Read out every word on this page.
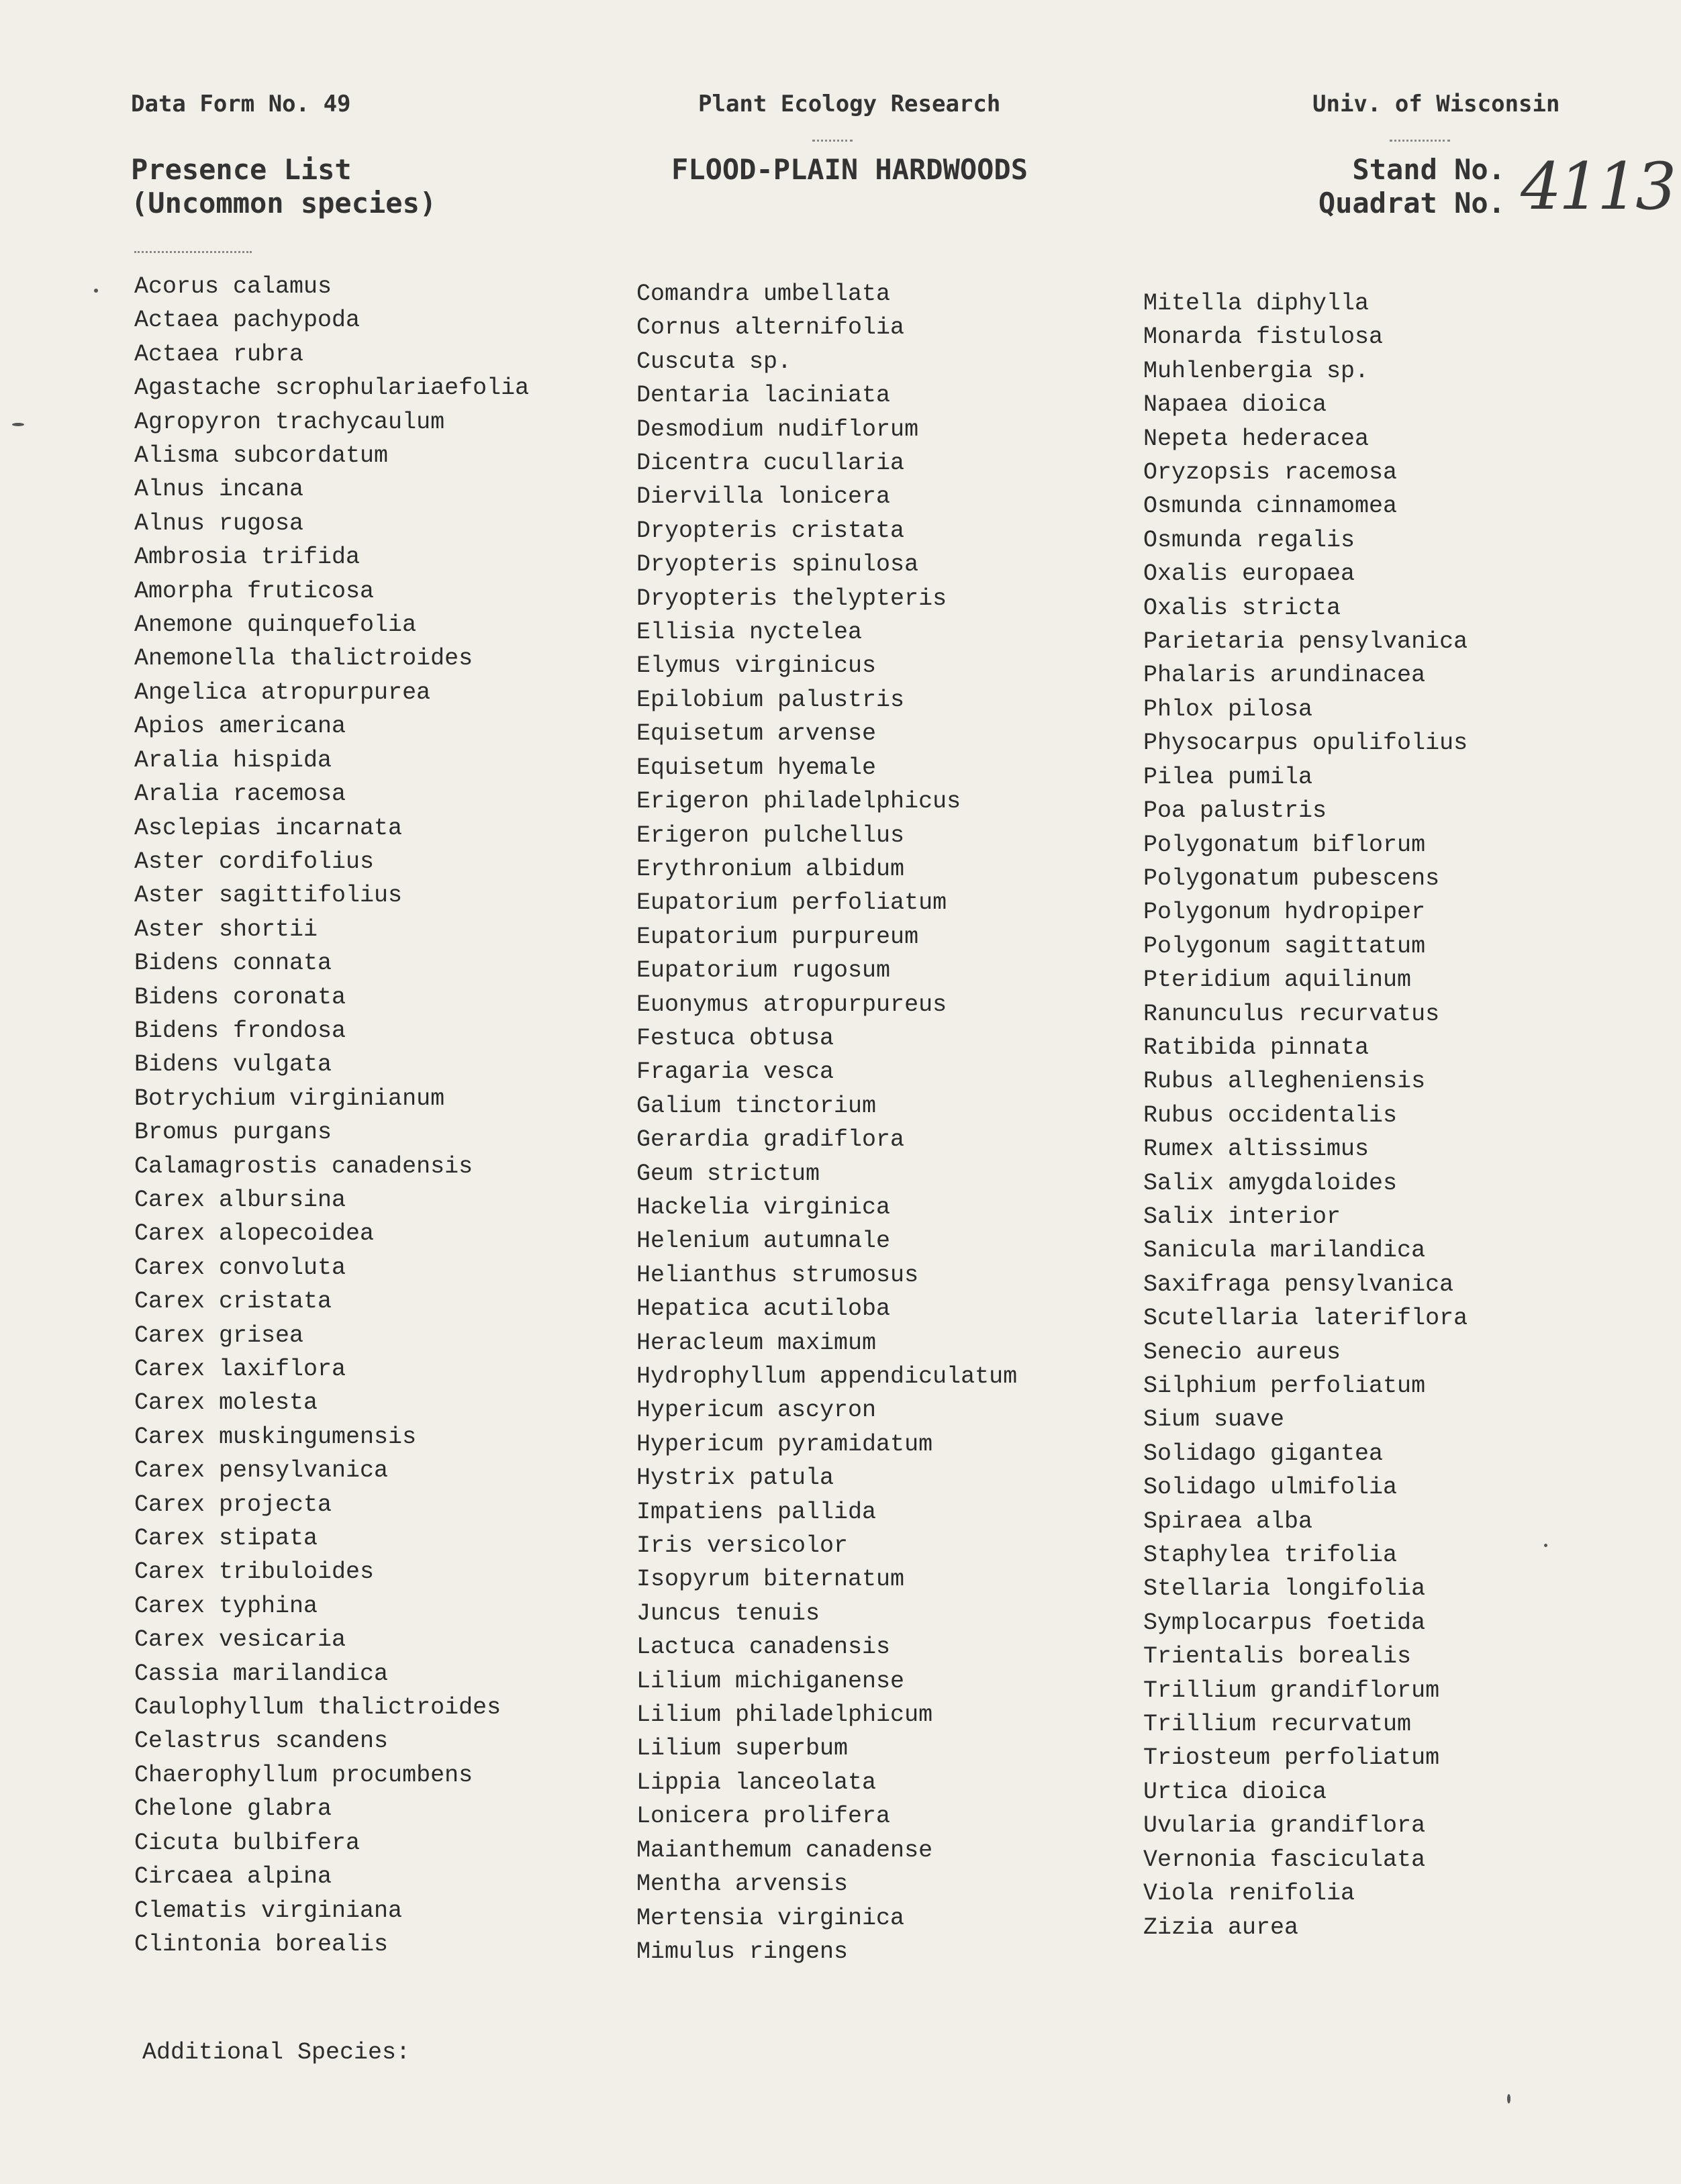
Data Form No. 49	Plant Ecology Research	Univ. of Wisconsin
Presence List
(Uncommon species)
FLOOD-PLAIN HARDWOODS	Stand No.
Quadrat No. 4113
Acorus calamus
Actaea pachypoda
Actaea rubra
Agastache scrophulariaefolia
Agropyron trachycaulum
Alisma subcordatum
Alnus incana
Alnus rugosa
Ambrosia trifida
Amorpha fruticosa
Anemone quinquefolia
Anemonella thalictroides
Angelica atropurpurea
Apios americana
Aralia hispida
Aralia racemosa
Asclepias incarnata
Aster cordifolius
Aster sagittifolius
Aster shortii
Bidens connata
Bidens coronata
Bidens frondosa
Bidens vulgata
Botrychium virginianum
Bromus purgans
Calamagrostis canadensis
Carex albursina
Carex alopecoidea
Carex convoluta
Carex cristata
Carex grisea
Carex laxiflora
Carex molesta
Carex muskingumensis
Carex pensylvanica
Carex projecta
Carex stipata
Carex tribuloides
Carex typhina
Carex vesicaria
Cassia marilandica
Caulophyllum thalictroides
Celastrus scandens
Chaerophyllum procumbens
Chelone glabra
Cicuta bulbifera
Circaea alpina
Clematis virginiana
Clintonia borealis
Comandra umbellata
Cornus alternifolia
Cuscuta sp.
Dentaria laciniata
Desmodium nudiflorum
Dicentra cucullaria
Diervilla lonicera
Dryopteris cristata
Dryopteris spinulosa
Dryopteris thelypteris
Ellisia nyctelea
Elymus virginicus
Epilobium palustris
Equisetum arvense
Equisetum hyemale
Erigeron philadelphicus
Erigeron pulchellus
Erythronium albidum
Eupatorium perfoliatum
Eupatorium purpureum
Eupatorium rugosum
Euonymus atropurpureus
Festuca obtusa
Fragaria vesca
Galium tinctorium
Gerardia gradiflora
Geum strictum
Hackelia virginica
Helenium autumnale
Helianthus strumosus
Hepatica acutiloba
Heracleum maximum
Hydrophyllum appendiculatum
Hypericum ascyron
Hypericum pyramidatum
Hystrix patula
Impatiens pallida
Iris versicolor
Isopyrum biternatum
Juncus tenuis
Lactuca canadensis
Lilium michiganense
Lilium philadelphicum
Lilium superbum
Lippia lanceolata
Lonicera prolifera
Maianthemum canadense
Mentha arvensis
Mertensia virginica
Mimulus ringens
Mitella diphylla
Monarda fistulosa
Muhlenbergia sp.
Napaea dioica
Nepeta hederacea
Oryzopsis racemosa
Osmunda cinnamomea
Osmunda regalis
Oxalis europaea
Oxalis stricta
Parietaria pensylvanica
Phalaris arundinacea
Phlox pilosa
Physocarpus opulifolius
Pilea pumila
Poa palustris
Polygonatum biflorum
Polygonatum pubescens
Polygonum hydropiper
Polygonum sagittatum
Pteridium aquilinum
Ranunculus recurvatus
Ratibida pinnata
Rubus allegheniensis
Rubus occidentalis
Rumex altissimus
Salix amygdaloides
Salix interior
Sanicula marilandica
Saxifraga pensylvanica
Scutellaria lateriflora
Senecio aureus
Silphium perfoliatum
Sium suave
Solidago gigantea
Solidago ulmifolia
Spiraea alba
Staphylea trifolia
Stellaria longifolia
Symplocarpus foetida
Trientalis borealis
Trillium grandiflorum
Trillium recurvatum
Triosteum perfoliatum
Urtica dioica
Uvularia grandiflora
Vernonia fasciculata
Viola renifolia
Zizia aurea
Additional Species:
